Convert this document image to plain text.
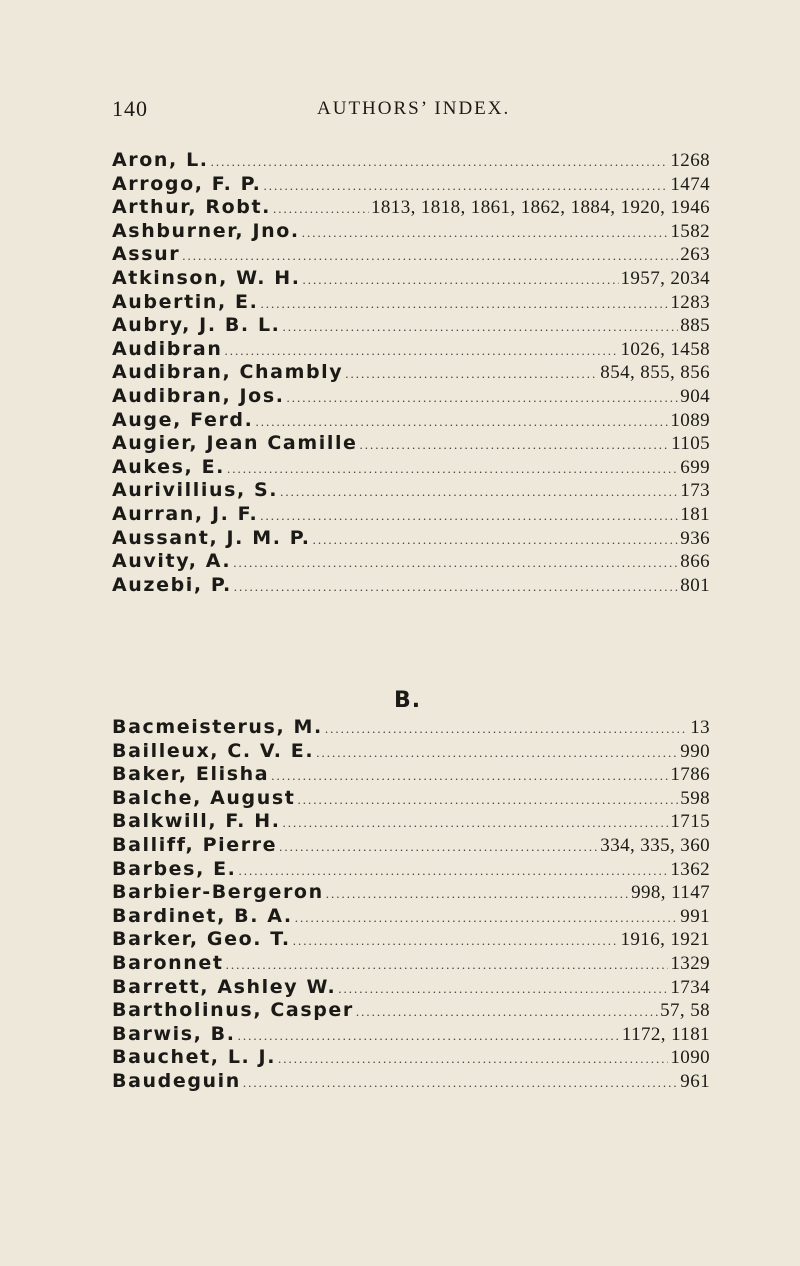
140	AUTHORS’ INDEX.
Aron, L. .....	1268
Arrogo, F. P. .....	1474
Arthur, Robt. .....	1813, 1818, 1861, 1862, 1884, 1920, 1946
Ashburner, Jno. .....	1582
Assur .....	263
Atkinson, W. H. .....	1957, 2034
Aubertin, E. .....	1283
Aubry, J. B. L. .....	885
Audibran .....	1026, 1458
Audibran, Chambly .....	854, 855, 856
Audibran, Jos. .....	904
Auge, Ferd. .....	1089
Augier, Jean Camille .....	1105
Aukes, E. .....	699
Aurivillius, S. .....	173
Aurran, J. F. .....	181
Aussant, J. M. P. .....	936
Auvity, A. .....	866
Auzebi, P. .....	801
B.
Bacmeisterus, M. .....	13
Bailleux, C. V. E. .....	990
Baker, Elisha .....	1786
Balche, August .....	598
Balkwill, F. H. .....	1715
Balliff, Pierre .....	334, 335, 360
Barbes, E. .....	1362
Barbier-Bergeron .....	998, 1147
Bardinet, B. A. .....	991
Barker, Geo. T. .....	1916, 1921
Baronnet .....	1329
Barrett, Ashley W. .....	1734
Bartholinus, Casper .....	57, 58
Barwis, B. .....	1172, 1181
Bauchet, L. J. .....	1090
Baudeguin .....	961
